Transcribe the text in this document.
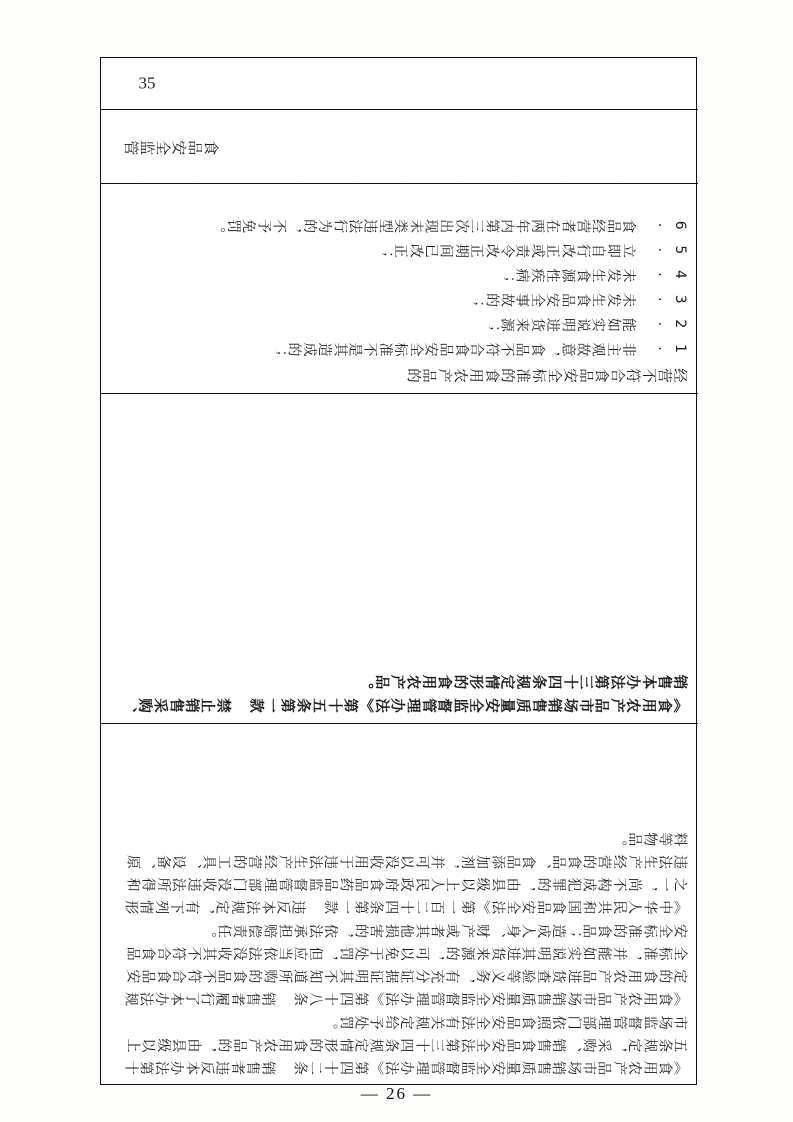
35
食品安全监管
经营不符合食品安全标准的食用农产品的
1. 非主观故意，食品不符合食品安全标准不是其造成的；
2. 能如实说明进货来源；
3. 未发生食品安全事故的；
4. 未发生食源性疾病；
5. 立即自行改正或责令改正期间已改正；
6. 食品经营者在两年内第三次出现未类型违法行为的，不予免罚。
《食用农产品市场销售质量安全监督管理办法》第十五条第一款 禁止销售采购、销售本办法第三十四条规定情形的食用农产品。
《食用农产品市场销售质量安全监督管理办法》第四十二条 销售者违反本办法第十五条规定，采购、销售食品安全法第三十四条规定情形的食用农产品的，由县级以上市场监督管理部门依照食品安全法有关规定给予处罚。
《食用农产品市场销售质量安全监督管理办法》第四十八条 销售者履行了本办法规定的食用农产品进货查验等义务，有充分证据证明其不知道所购的食品不符合食品安全标准，并能如实说明其进货来源的，可以免于处罚，但应当依法没收其不符合食品安全标准的食品；造成人身、财产或者其他损害的，依法承担赔偿责任。
《中华人民共和国食品安全法》第一百二十四条第一款 违反本法规定，有下列情形之一，尚不构成犯罪的，由县级以上人民政府食品药品监督管理部门没收违法所得和违法生产经营的食品、食品添加剂，并可以没收用于违法生产经营的工具、设备、原料等物品。
— 26 —
